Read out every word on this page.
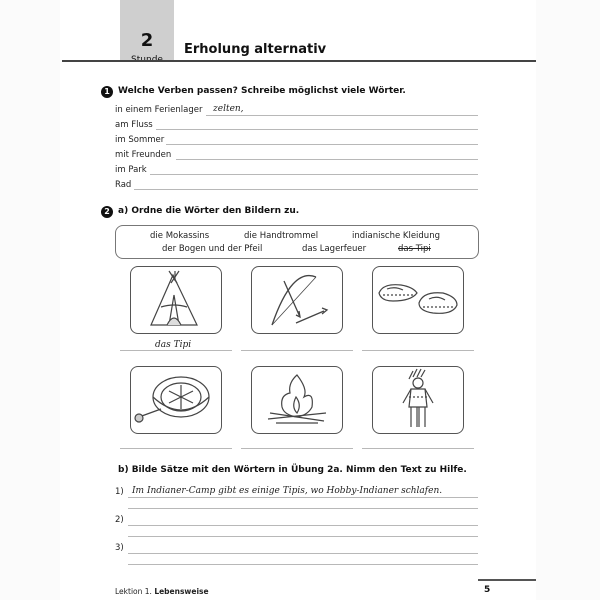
2	Erholung alternativ
1 Welche Verben passen? Schreibe möglichst viele Wörter.
in einem Ferienlager zelten,
am Fluss
im Sommer
mit Freunden
im Park
Rad
2 a) Ordne die Wörter den Bildern zu.
die Mokassins	die Handtrommel	indianische Kleidung
der Bogen und der Pfeil	das Lagerfeuer	das Tipi
das Tipi
b) Bilde Sätze mit den Wörtern in Übung 2a. Nimm den Text zu Hilfe.
1) Im Indianer-Camp gibt es einige Tipis, wo Hobby-Indianer schlafen.
2)
3)
Lektion 1. Lebensweise	5
